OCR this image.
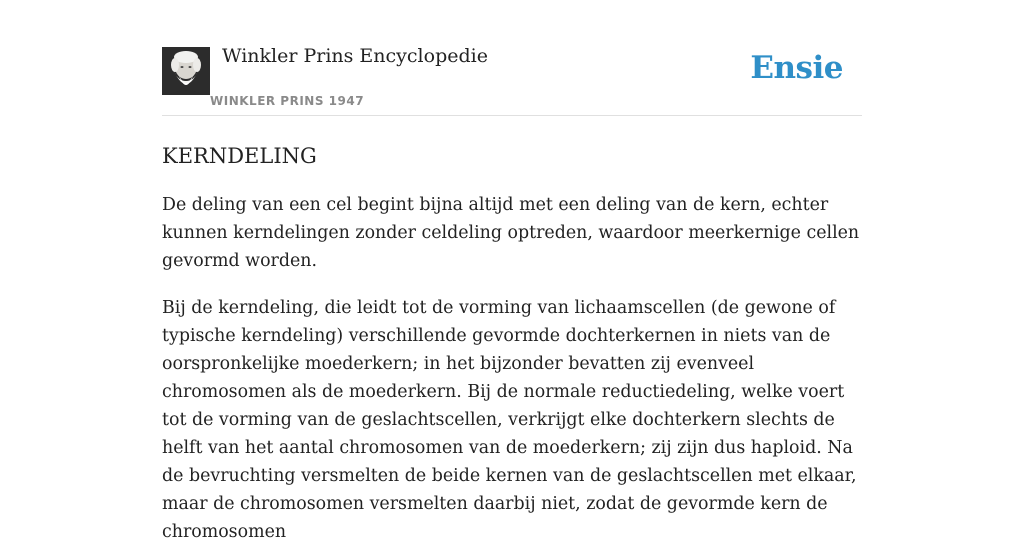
Winkler Prins Encyclopedie
WINKLER PRINS 1947
Ensie
KERNDELING

De deling van een cel begint bijna altijd met een deling van de kern, echter kunnen kerndelingen zonder celdeling optreden, waardoor meerkernige cellen gevormd worden.

Bij de kerndeling, die leidt tot de vorming van lichaamscellen (de gewone of typische kerndeling) verschillende gevormde dochterkernen in niets van de oorspronkelijke moederkern; in het bijzonder bevatten zij evenveel chromosomen als de moederkern. Bij de normale reductiedeling, welke voert tot de vorming van de geslachtscellen, verkrijgt elke dochterkern slechts de helft van het aantal chromosomen van de moederkern; zij zijn dus haploid. Na de bevruchting versmelten de beide kernen van de geslachtscellen met elkaar, maar de chromosomen versmelten daarbij niet, zodat de gevormde kern de chromosomen
